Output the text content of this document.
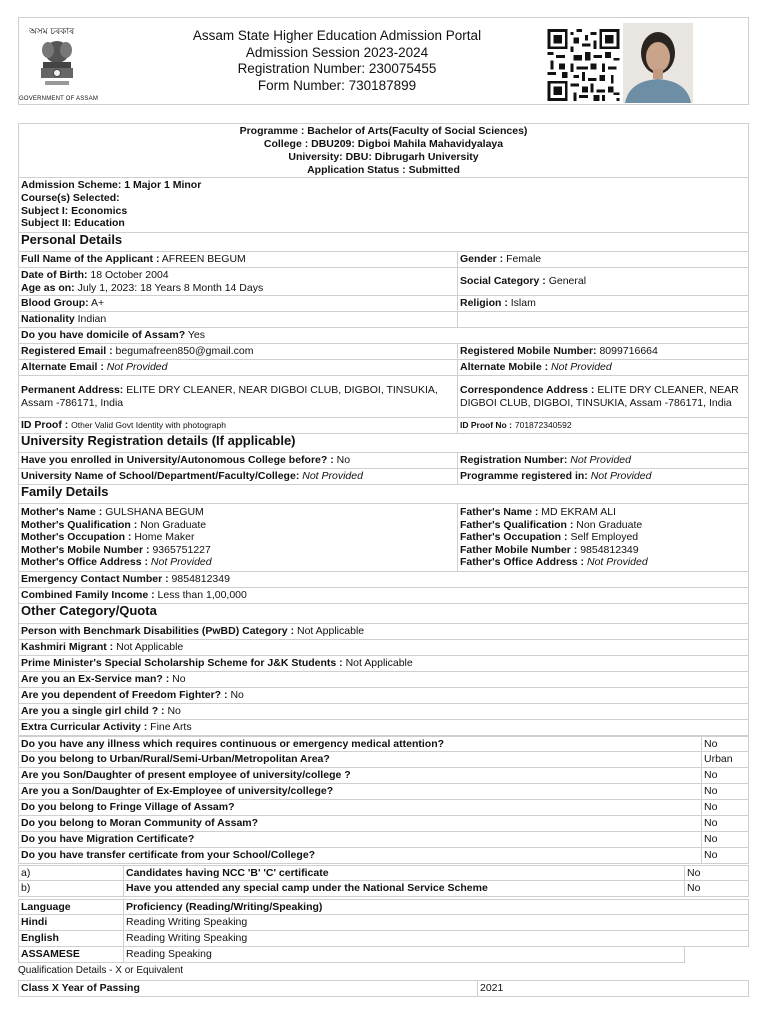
অসম চৰকাৰ
GOVERNMENT OF ASSAM
Assam State Higher Education Admission Portal
Admission Session 2023-2024
Registration Number: 230075455
Form Number: 730187899
Programme : Bachelor of Arts(Faculty of Social Sciences)
College : DBU209: Digboi Mahila Mahavidyalaya
University: DBU: Dibrugarh University
Application Status : Submitted
Admission Scheme: 1 Major 1 Minor
Course(s) Selected:
Subject I: Economics
Subject II: Education
Personal Details
Full Name of the Applicant : AFREEN BEGUM	Gender : Female
Date of Birth: 18 October 2004
Age as on: July 1, 2023: 18 Years 8 Month 14 Days
Social Category : General
Blood Group: A+	Religion : Islam
Nationality Indian
Do you have domicile of Assam? Yes
Registered Email : begumafreen850@gmail.com	Registered Mobile Number: 8099716664
Alternate Email : Not Provided	Alternate Mobile : Not Provided
Permanent Address: ELITE DRY CLEANER, NEAR DIGBOI CLUB, DIGBOI, TINSUKIA, Assam -786171, India
Correspondence Address : ELITE DRY CLEANER, NEAR DIGBOI CLUB, DIGBOI, TINSUKIA, Assam -786171, India
ID Proof : Other Valid Govt Identity with photograph	ID Proof No : 701872340592
University Registration details (If applicable)
Have you enrolled in University/Autonomous College before? : No	Registration Number: Not Provided
University Name of School/Department/Faculty/College: Not Provided	Programme registered in: Not Provided
Family Details
Mother's Name : GULSHANA BEGUM
Mother's Qualification : Non Graduate
Mother's Occupation : Home Maker
Mother's Mobile Number : 9365751227
Mother's Office Address : Not Provided
Father's Name : MD EKRAM ALI
Father's Qualification : Non Graduate
Father's Occupation : Self Employed
Father Mobile Number : 9854812349
Father's Office Address : Not Provided
Emergency Contact Number : 9854812349
Combined Family Income : Less than 1,00,000
Other Category/Quota
Person with Benchmark Disabilities (PwBD) Category : Not Applicable
Kashmiri Migrant : Not Applicable
Prime Minister's Special Scholarship Scheme for J&K Students : Not Applicable
Are you an Ex-Service man? : No
Are you dependent of Freedom Fighter? : No
Are you a single girl child ? : No
Extra Curricular Activity : Fine Arts
Do you have any illness which requires continuous or emergency medical attention?	No
Do you belong to Urban/Rural/Semi-Urban/Metropolitan Area?	Urban
Are you Son/Daughter of present employee of university/college ?	No
Are you a Son/Daughter of Ex-Employee of university/college?	No
Do you belong to Fringe Village of Assam?	No
Do you belong to Moran Community of Assam?	No
Do you have Migration Certificate?	No
Do you have transfer certificate from your School/College?	No
a)	Candidates having NCC 'B' 'C' certificate	No
b)	Have you attended any special camp under the National Service Scheme	No
Language	Proficiency (Reading/Writing/Speaking)
Hindi	Reading Writing Speaking
English	Reading Writing Speaking
ASSAMESE	Reading Speaking
Qualification Details - X or Equivalent
Class X Year of Passing	2021
